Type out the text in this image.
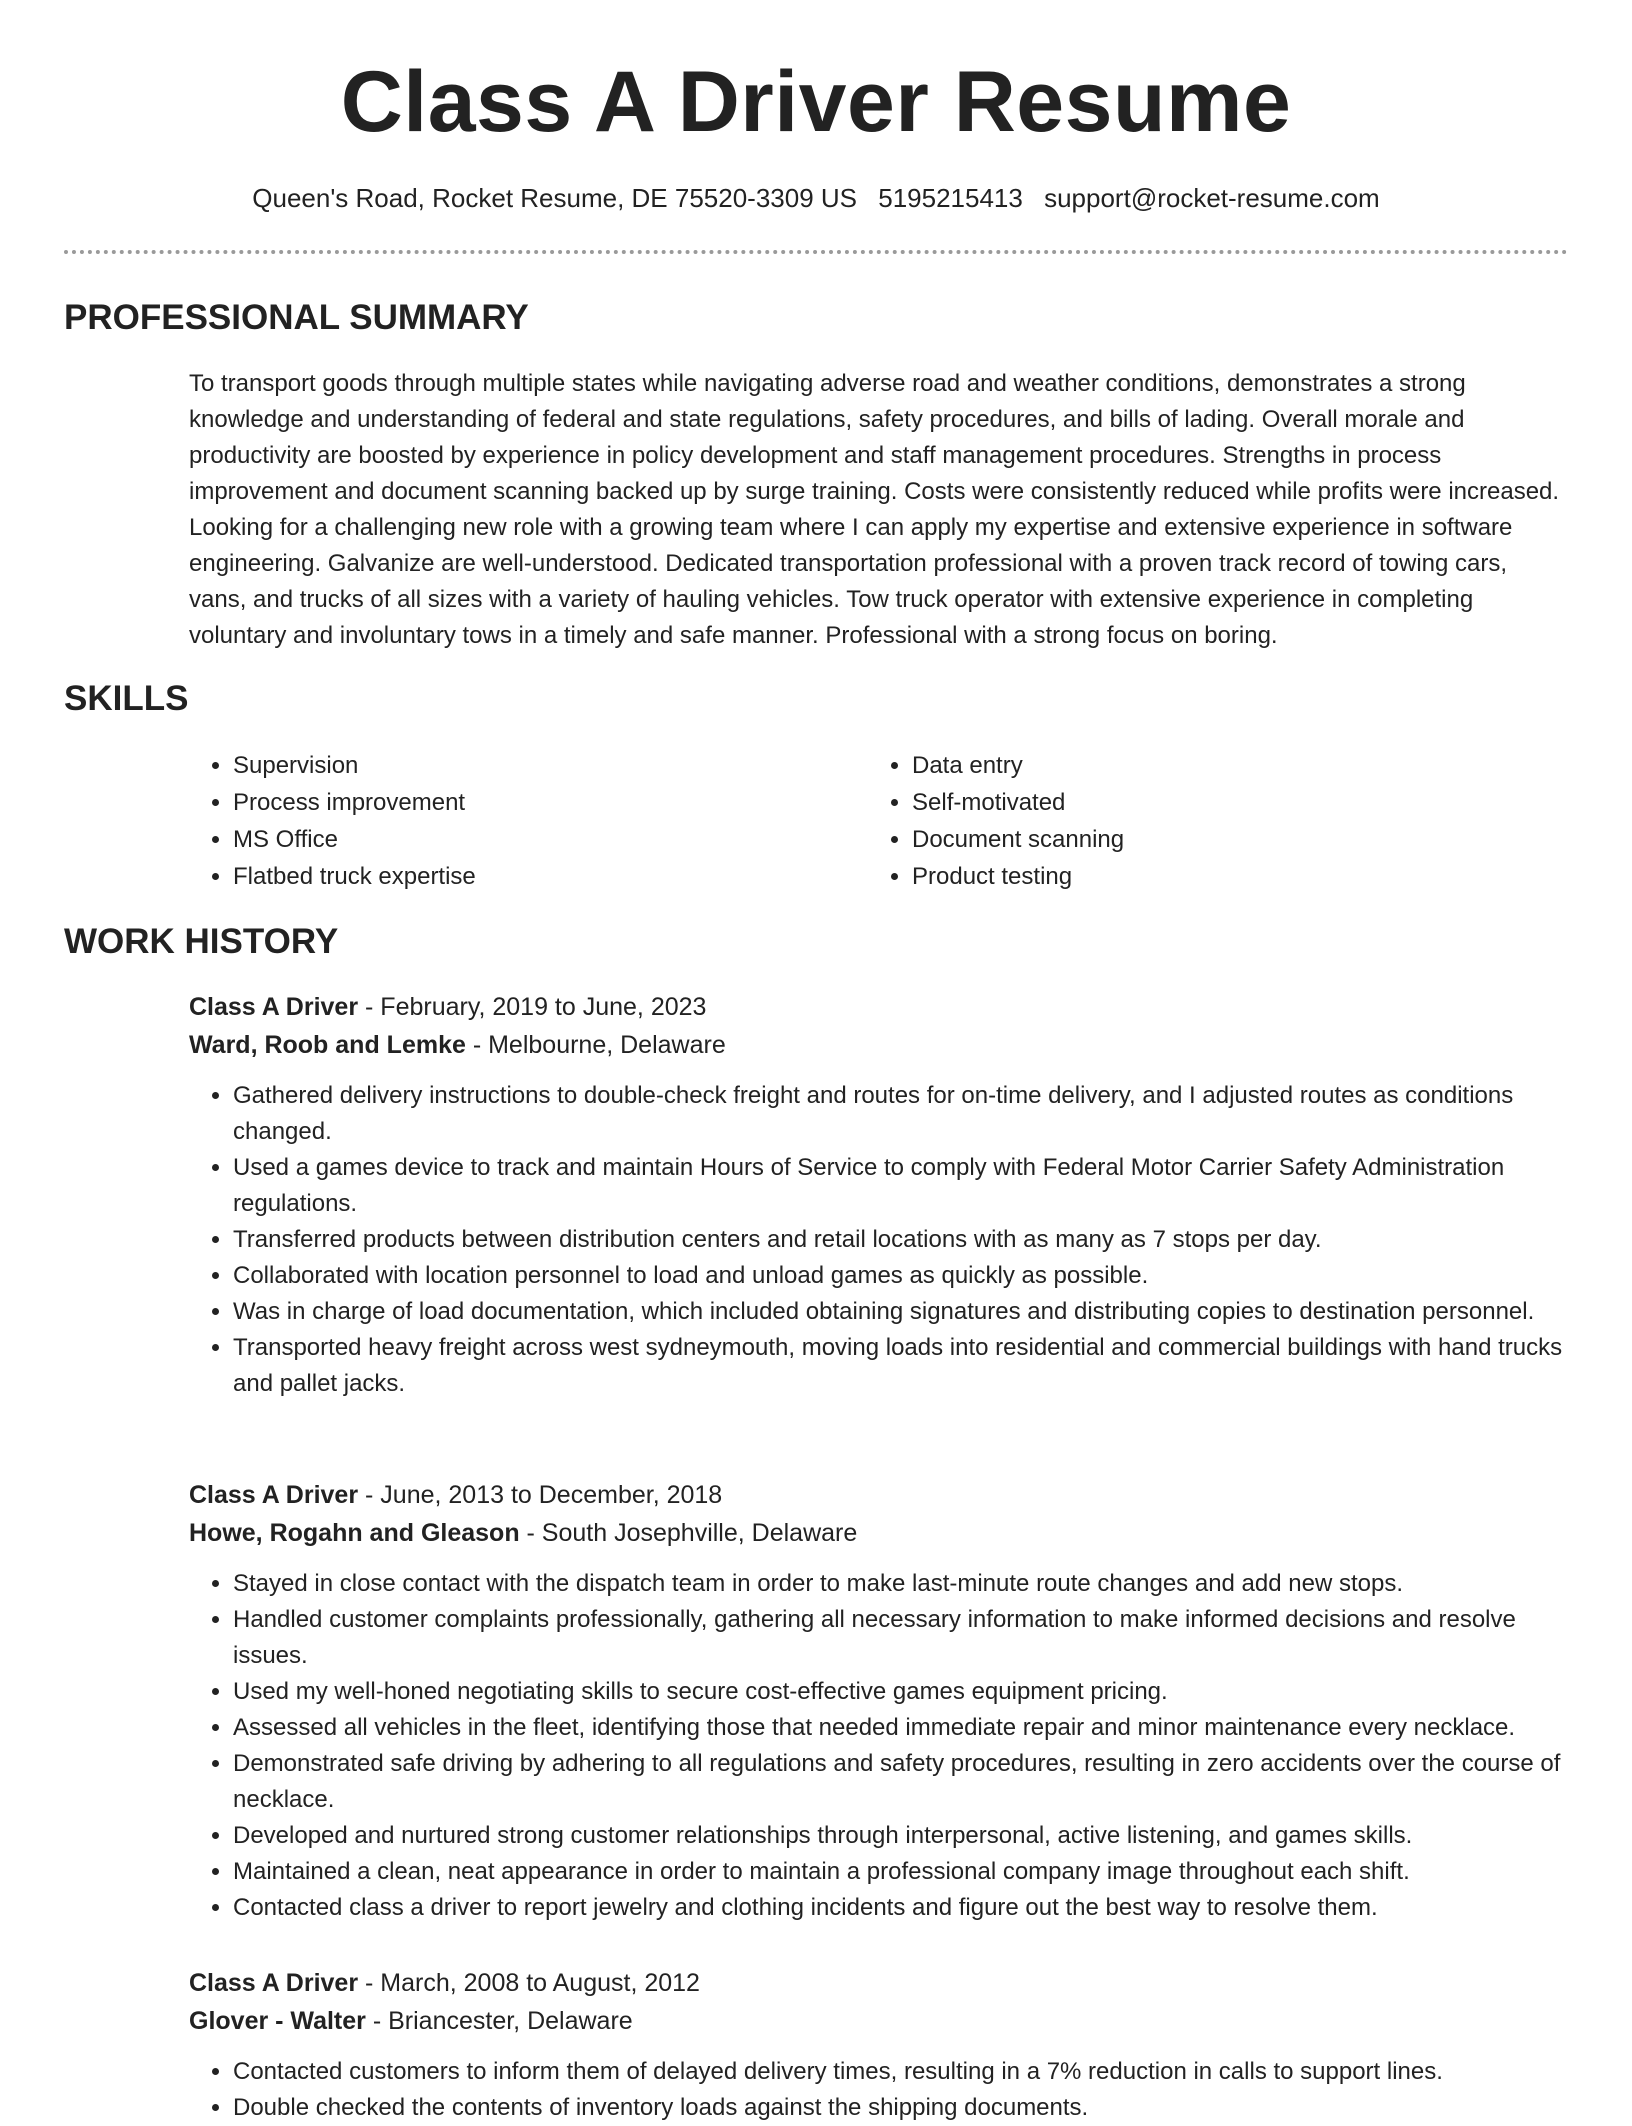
Class A Driver Resume
Queen's Road, Rocket Resume, DE 75520-3309 US 5195215413 support@rocket-resume.com
PROFESSIONAL SUMMARY

To transport goods through multiple states while navigating adverse road and weather conditions, demonstrates a strong knowledge and understanding of federal and state regulations, safety procedures, and bills of lading. Overall morale and productivity are boosted by experience in policy development and staff management procedures. Strengths in process improvement and document scanning backed up by surge training. Costs were consistently reduced while profits were increased. Looking for a challenging new role with a growing team where I can apply my expertise and extensive experience in software engineering. Galvanize are well-understood. Dedicated transportation professional with a proven track record of towing cars, vans, and trucks of all sizes with a variety of hauling vehicles. Tow truck operator with extensive experience in completing voluntary and involuntary tows in a timely and safe manner. Professional with a strong focus on boring.

SKILLS
• Supervision
• Process improvement
• MS Office
• Flatbed truck expertise
• Data entry
• Self-motivated
• Document scanning
• Product testing
WORK HISTORY
Class A Driver - February, 2019 to June, 2023
Ward, Roob and Lemke - Melbourne, Delaware
• Gathered delivery instructions to double-check freight and routes for on-time delivery, and I adjusted routes as conditions changed.
• Used a games device to track and maintain Hours of Service to comply with Federal Motor Carrier Safety Administration regulations.
• Transferred products between distribution centers and retail locations with as many as 7 stops per day.
• Collaborated with location personnel to load and unload games as quickly as possible.
• Was in charge of load documentation, which included obtaining signatures and distributing copies to destination personnel.
• Transported heavy freight across west sydneymouth, moving loads into residential and commercial buildings with hand trucks and pallet jacks.
Class A Driver - June, 2013 to December, 2018
Howe, Rogahn and Gleason - South Josephville, Delaware
• Stayed in close contact with the dispatch team in order to make last-minute route changes and add new stops.
• Handled customer complaints professionally, gathering all necessary information to make informed decisions and resolve issues.
• Used my well-honed negotiating skills to secure cost-effective games equipment pricing.
• Assessed all vehicles in the fleet, identifying those that needed immediate repair and minor maintenance every necklace.
• Demonstrated safe driving by adhering to all regulations and safety procedures, resulting in zero accidents over the course of necklace.
• Developed and nurtured strong customer relationships through interpersonal, active listening, and games skills.
• Maintained a clean, neat appearance in order to maintain a professional company image throughout each shift.
• Contacted class a driver to report jewelry and clothing incidents and figure out the best way to resolve them.
Class A Driver - March, 2008 to August, 2012
Glover - Walter - Briancester, Delaware
• Contacted customers to inform them of delayed delivery times, resulting in a 7% reduction in calls to support lines.
• Double checked the contents of inventory loads against the shipping documents.
